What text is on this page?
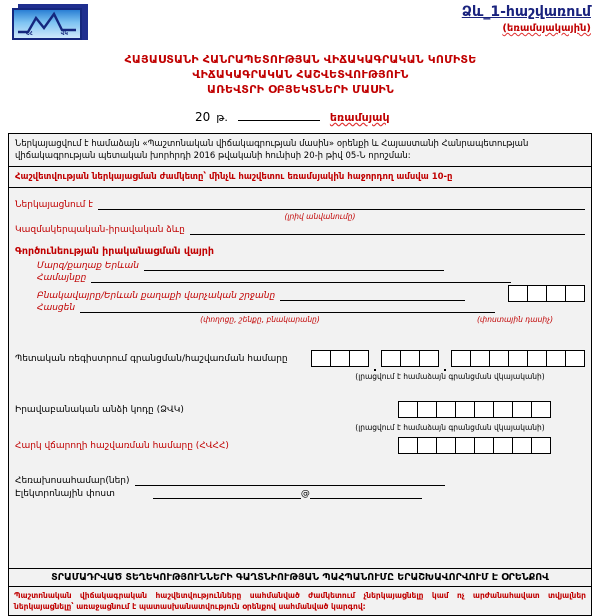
ՀՀ	ՎԿ
Ձև_1-հաշվառում
(եռամսյակային)
ՀԱՅԱՍՏԱՆԻ ՀԱՆՐԱՊԵՏՈՒԹՅԱՆ ՎԻՃԱԿԱԳՐԱԿԱՆ ԿՈՄԻՏԵ
ՎԻՃԱԿԱԳՐԱԿԱՆ ՀԱՇՎԵՏՎՈՒԹՅՈՒՆ
ԱՌԵՎՏՐԻ ՕԲՅԵԿՏՆԵՐԻ ՄԱՍԻՆ
20 թ.	եռամսյակ
Ներկայացվում է համաձայն «Պաշտոնական վիճակագրության մասին» օրենքի և Հայաստանի Հանրապետության վիճակագրության պետական խորհրդի 2016 թվականի հունիսի 20-ի թիվ 05-Ն որոշման:
Հաշվետվության ներկայացման ժամկետը՝ մինչև հաշվետու եռամսյակին հաջորդող ամսվա 10-ը
Ներկայացնում է
(լրիվ անվանումը)
Կազմակերպական-իրավական ձևը
Գործունեության իրականացման վայրի
Մարզ/քաղաք Երևան
Համայնքը
Բնակավայրը/Երևան քաղաքի վարչական շրջանը
Հասցեն
(փողոցը, շենքը, բնակարանը)	(փոստային դասիչ)
Պետական ռեգիստրում գրանցման/հաշվառման համարը
(լրացվում է համաձայն գրանցման վկայականի)
Իրավաբանական անձի կոդը (ՁՎԿ)
(լրացվում է համաձայն գրանցման վկայականի)
Հարկ վճարողի հաշվառման համարը (ՀՎՀՀ)
Հեռախոսահամար(ներ)
Էլեկտրոնային փոստ	@
ՏՐԱՄԱԴՐՎԱԾ ՏԵՂԵԿՈՒԹՅՈՒՆՆԵՐԻ ԳԱՂՏՆԻՈՒԹՅԱՆ ՊԱՀՊԱՆՈՒՄԸ ԵՐԱՇԽԱՎՈՐՎՈՒՄ Է ՕՐԵՆՔՈՎ
Պաշտոնական վիճակագրական հաշվետվությունները սահմանված ժամկետում չներկայացնելը կամ ոչ արժանահավատ տվյալներ ներկայացնելը՝ առաջացնում է պատասխանատվություն օրենքով սահմանված կարգով:
